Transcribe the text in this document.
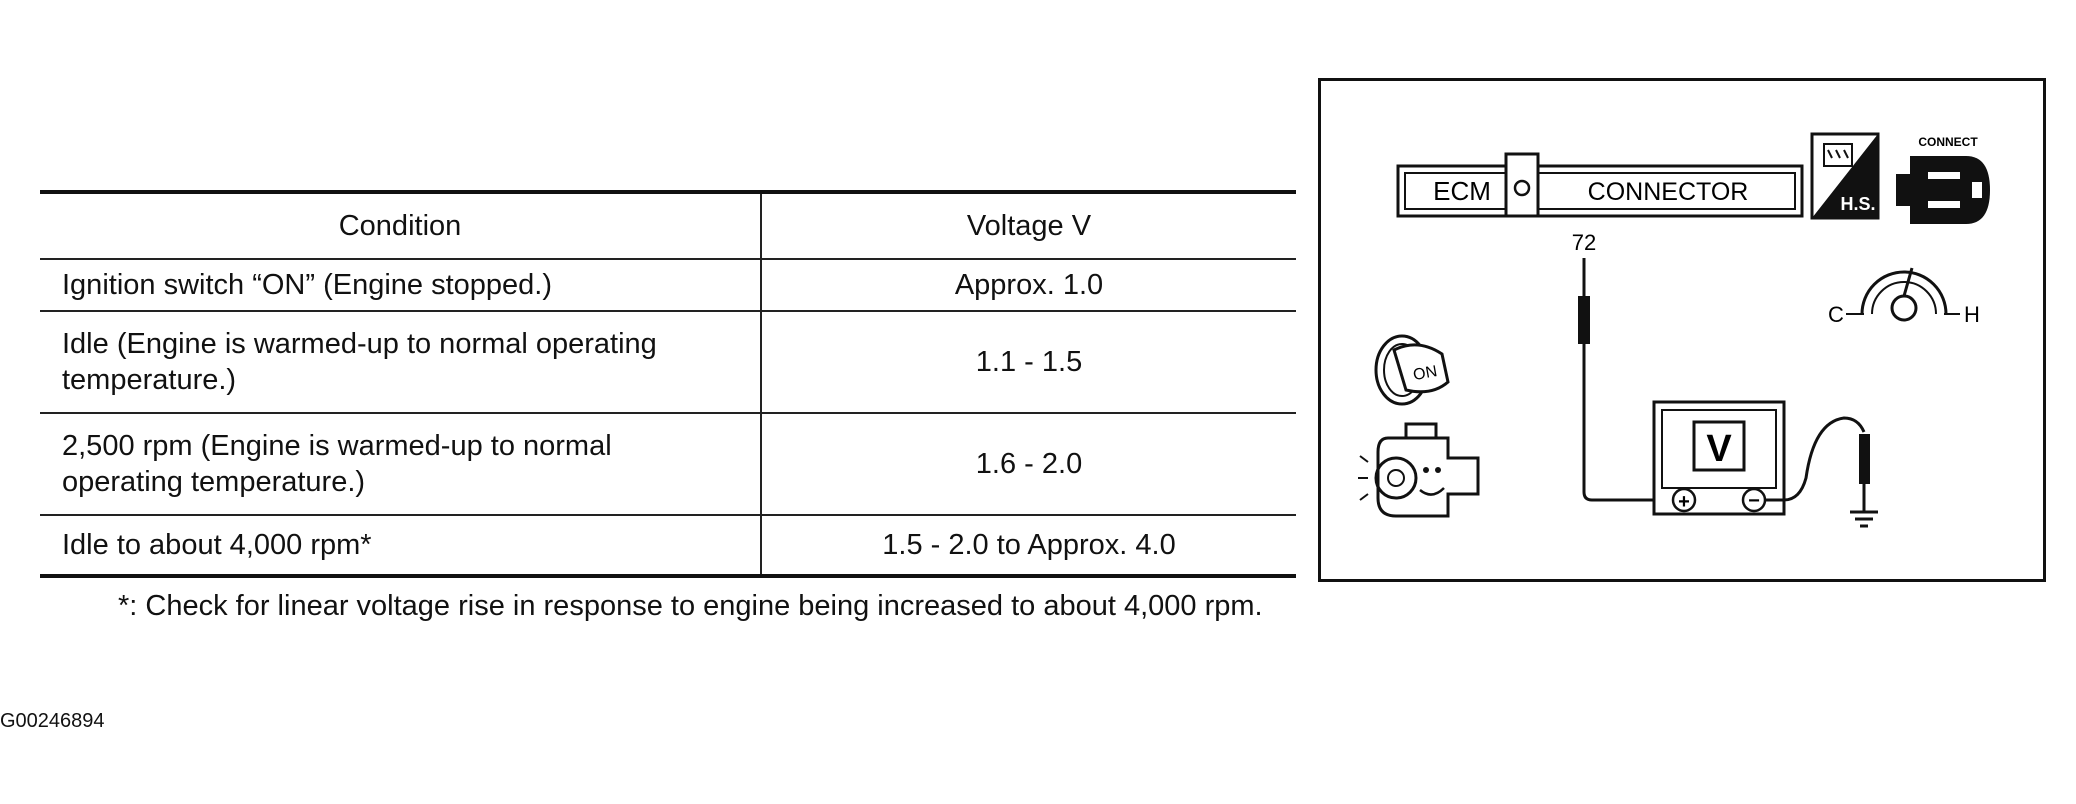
Condition	Voltage V
Ignition switch “ON” (Engine stopped.)	Approx. 1.0
Idle (Engine is warmed-up to normal operating temperature.)	1.1 - 1.5
2,500 rpm (Engine is warmed-up to normal operating temperature.)	1.6 - 2.0
Idle to about 4,000 rpm*	1.5 - 2.0 to Approx. 4.0
*: Check for linear voltage rise in response to engine being increased to about 4,000 rpm.
G00246894
ECM	CONNECTOR	H.S.
CONNECT
72
C	H
ON
V
+	−
